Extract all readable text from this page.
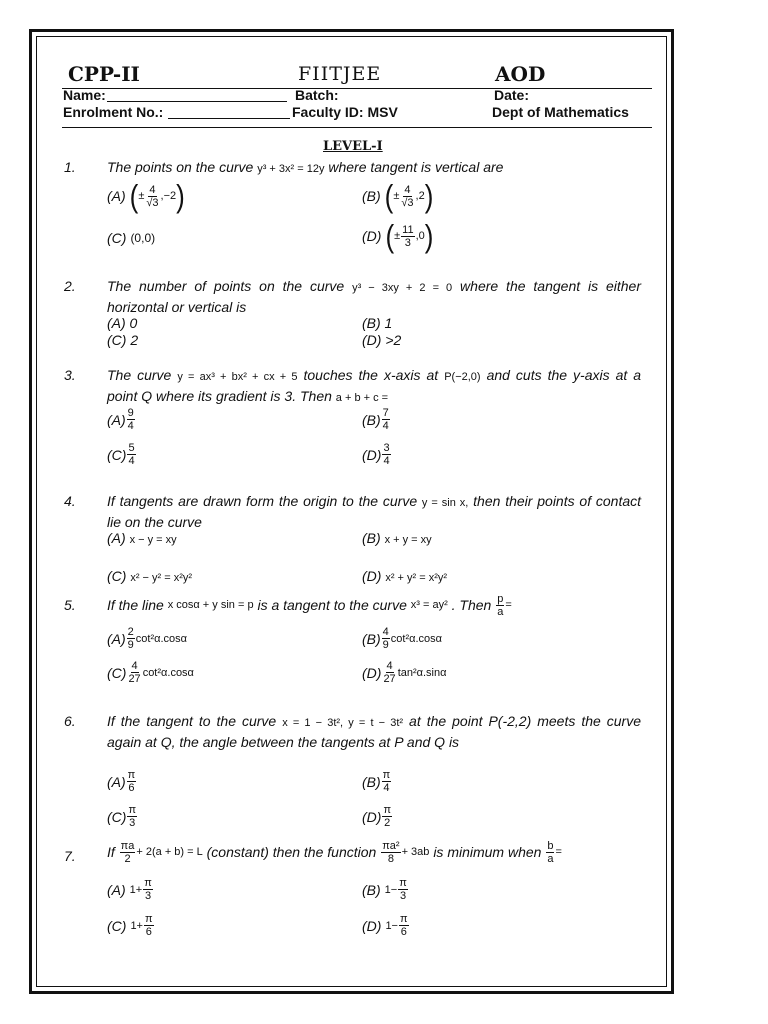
CPP-II	FIITJEE	AOD
Name:	Batch:	Date:
Enrolment No.:	Faculty ID: MSV	Dept of Mathematics
LEVEL-I
1. The points on the curve y³ + 3x² = 12y where tangent is vertical are
(A) ( ± $\frac{4}{√3} ,-2$ )	(B) ( ± $\frac{4}{√3} ,2$ )
(C) (0,0)	(D) ( ± $\frac{11}{3} ,0$ )
2. The number of points on the curve y³ − 3xy + 2 = 0 where the tangent is either
horizontal or vertical is
(A) 0	(B) 1
(C) 2	(D) >2
3. The curve y = ax³ + bx² + cx + 5 touches the x-axis at P(−2,0) and cuts the y-axis at a
point Q where its gradient is 3. Then a + b + c =
$(A) \frac{9}{4}$	$(B) \frac{7}{4}$
$(C) \frac{5}{4}$	$(D) \frac{3}{4}$
4. If tangents are drawn form the origin to the curve y = sin x, then their points of contact
lie on the curve
(A) x − y = xy	(B) x + y = xy
(C) x² − y² = x²y²	(D) x² + y² = x²y²
5. If the line
x cosα + y sin = p
is a tangent to the curve
x³ = ay²
. Then
$\frac{p}{a}$ =
$(A) \frac{2}{9} \cot^2\alpha.\cos\alpha$	$(B) \frac{4}{9} \cot^2\alpha.\cos\alpha$
$(C) \frac{4}{27} \cot^2\alpha.\cos\alpha$	$(D) \frac{4}{27} \tan^2\alpha.\sin\alpha$
6. If the tangent to the curve x = 1 − 3t², y = t − 3t² at the point P(-2,2) meets the curve
again at Q, the angle between the tangents at P and Q is
$(A) \frac{\pi}{6}$	$(B) \frac{\pi}{4}$
$(C) \frac{\pi}{3}$	$(D) \frac{\pi}{2}$
7. If
$\frac{\pi a}{2} + 2(a + b) = L$
(constant) then the function
$\frac{\text{πa²}}{8} + 3ab$
is minimum when
$\frac{b}{a}$ =
(A) $1+ \frac{\pi}{3}$	(B) $1- \frac{\pi}{3}$
(C) $1+ \frac{\pi}{6}$	(D) $1- \frac{\pi}{6}$
